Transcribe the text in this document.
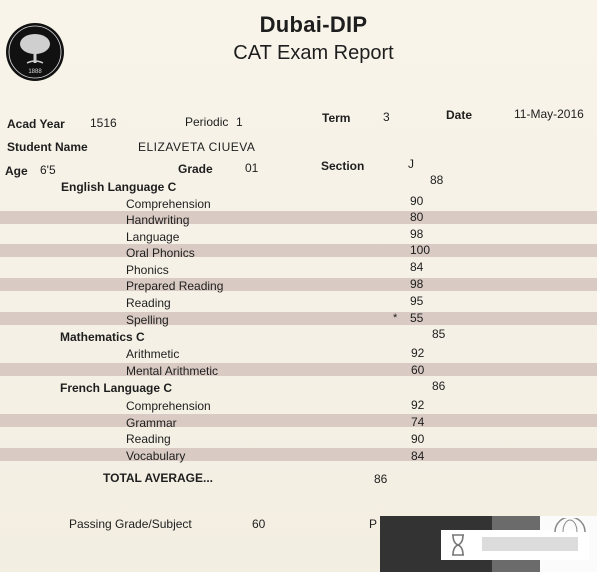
1888
Dubai-DIP
CAT Exam Report
Acad Year 1516	Periodic 1	Term	3	Date	11-May-2016
Student Name	ELIZAVETA CIUEVA
Age 6'5	Grade	01	Section	J
English Language C	88
Comprehension	90
Handwriting	80
Language	98
Oral Phonics	100
Phonics	84
Prepared Reading	98
Reading	95
Spelling	* 55
Mathematics C	85
Arithmetic	92
Mental Arithmetic	60
French Language C	86
Comprehension	92
Grammar	74
Reading	90
Vocabulary	84
TOTAL AVERAGE...	86
Passing Grade/Subject	60	P
